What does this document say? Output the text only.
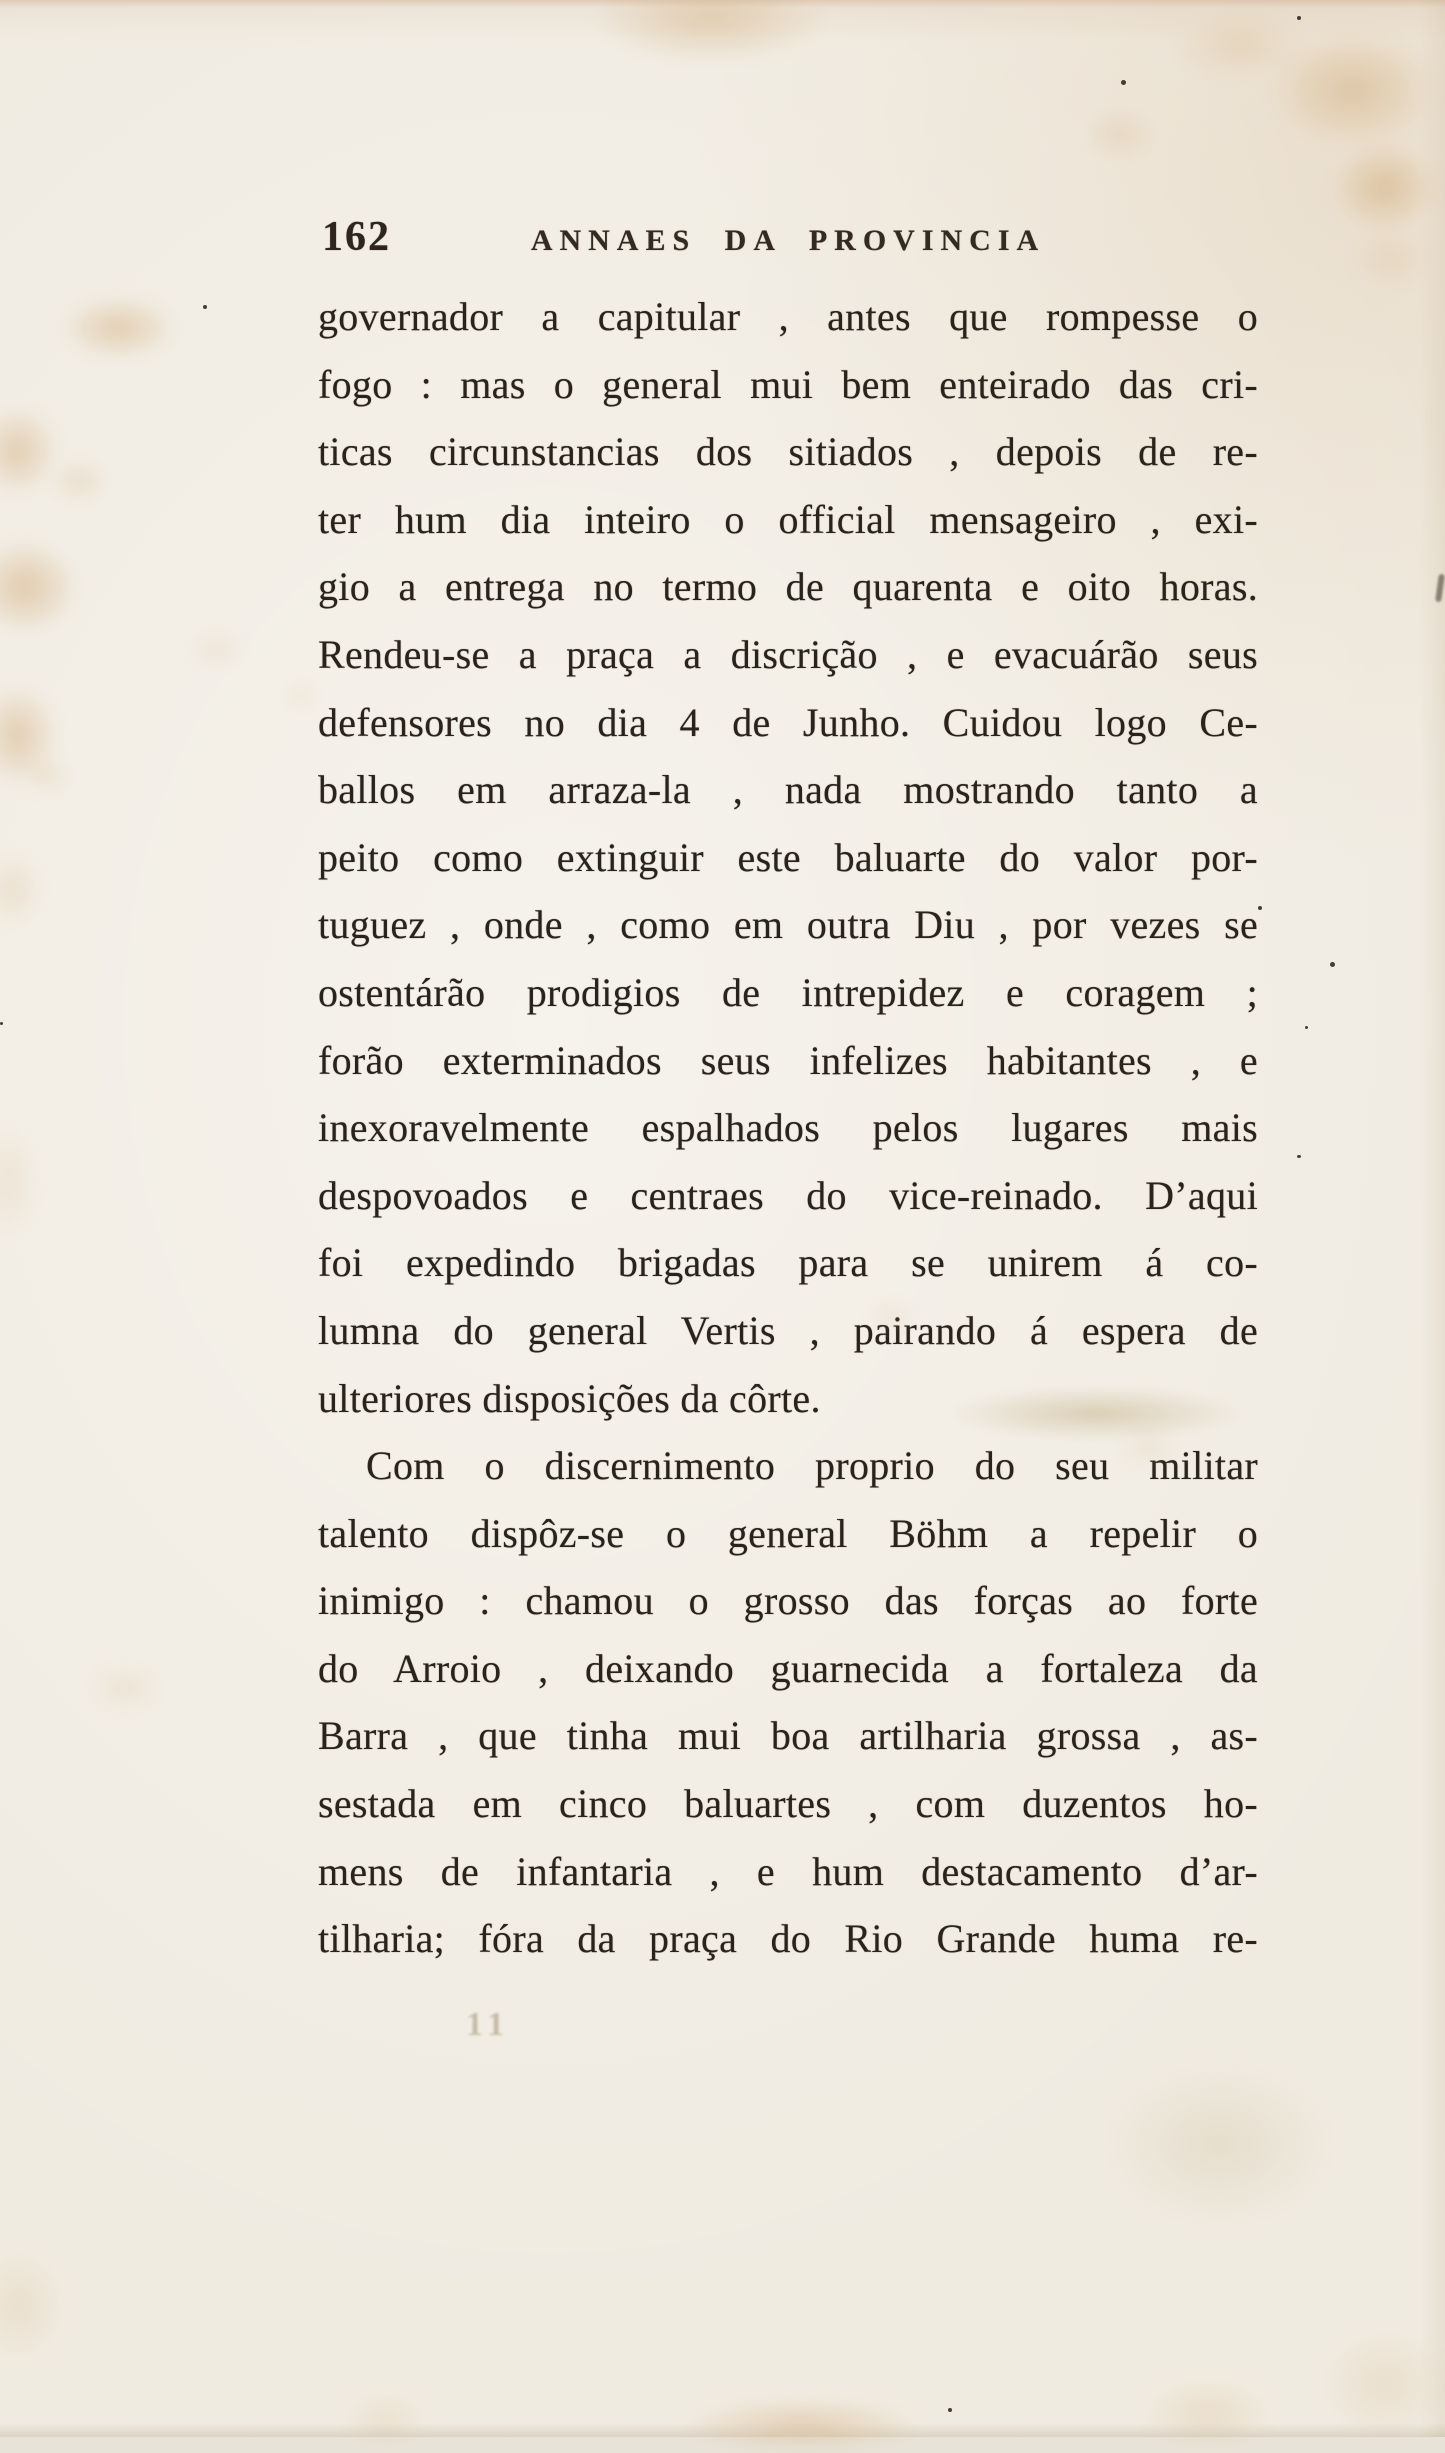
162	ANNAES DA PROVINCIA
governador a capitular , antes que rompesse o
fogo : mas o general mui bem enteirado das cri-
ticas circunstancias dos sitiados , depois de re-
ter hum dia inteiro o official mensageiro , exi-
gio a entrega no termo de quarenta e oito horas.
Rendeu-se a praça a discrição , e evacuárão seus
defensores no dia 4 de Junho. Cuidou logo Ce-
ballos em arraza-la , nada mostrando tanto a
peito como extinguir este baluarte do valor por-
tuguez , onde , como em outra Diu , por vezes se
ostentárão prodigios de intrepidez e coragem ;
forão exterminados seus infelizes habitantes , e
inexoravelmente espalhados pelos lugares mais
despovoados e centraes do vice-reinado. D’aqui
foi expedindo brigadas para se unirem á co-
lumna do general Vertis , pairando á espera de
ulteriores disposições da côrte.
Com o discernimento proprio do seu militar
talento dispôz-se o general Böhm a repelir o
inimigo : chamou o grosso das forças ao forte
do Arroio , deixando guarnecida a fortaleza da
Barra , que tinha mui boa artilharia grossa , as-
sestada em cinco baluartes , com duzentos ho-
mens de infantaria , e hum destacamento d’ar-
tilharia; fóra da praça do Rio Grande huma re-
11
